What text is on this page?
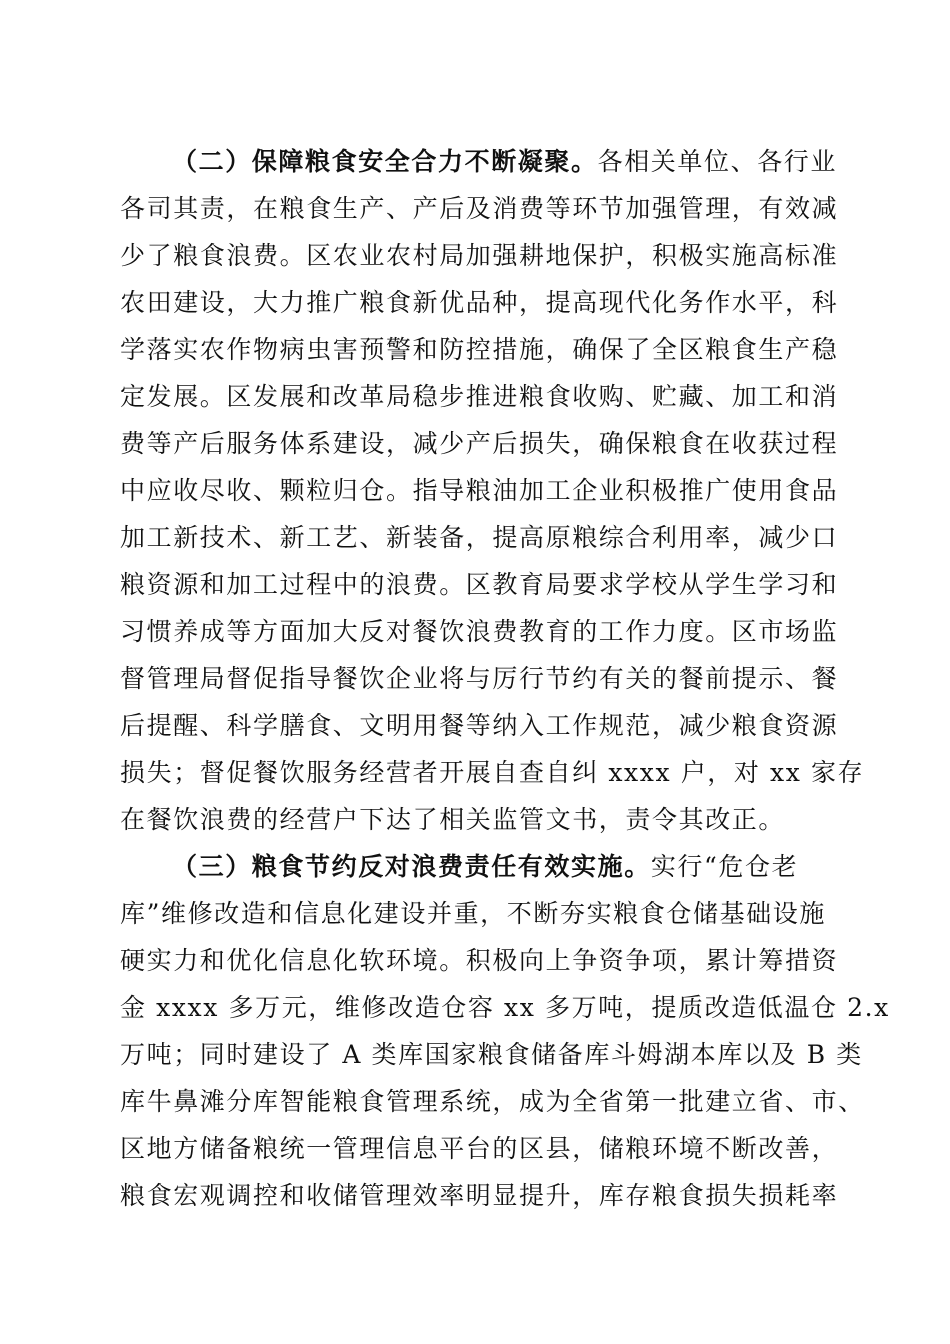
（二）保障粮食安全合力不断凝聚。各相关单位、各行业
各司其责，在粮食生产、产后及消费等环节加强管理，有效减
少了粮食浪费。区农业农村局加强耕地保护，积极实施高标准
农田建设，大力推广粮食新优品种，提高现代化务作水平，科
学落实农作物病虫害预警和防控措施，确保了全区粮食生产稳
定发展。区发展和改革局稳步推进粮食收购、贮藏、加工和消
费等产后服务体系建设，减少产后损失，确保粮食在收获过程
中应收尽收、颗粒归仓。指导粮油加工企业积极推广使用食品
加工新技术、新工艺、新装备，提高原粮综合利用率，减少口
粮资源和加工过程中的浪费。区教育局要求学校从学生学习和
习惯养成等方面加大反对餐饮浪费教育的工作力度。区市场监
督管理局督促指导餐饮企业将与厉行节约有关的餐前提示、餐
后提醒、科学膳食、文明用餐等纳入工作规范，减少粮食资源
损失；督促餐饮服务经营者开展自查自纠 xxxx 户，对 xx 家存
在餐饮浪费的经营户下达了相关监管文书，责令其改正。
（三）粮食节约反对浪费责任有效实施。实行“危仓老
库”维修改造和信息化建设并重，不断夯实粮食仓储基础设施
硬实力和优化信息化软环境。积极向上争资争项，累计筹措资
金 xxxx 多万元，维修改造仓容 xx 多万吨，提质改造低温仓 2.x
万吨；同时建设了 A 类库国家粮食储备库斗姆湖本库以及 B 类
库牛鼻滩分库智能粮食管理系统，成为全省第一批建立省、市、
区地方储备粮统一管理信息平台的区县，储粮环境不断改善，
粮食宏观调控和收储管理效率明显提升，库存粮食损失损耗率
